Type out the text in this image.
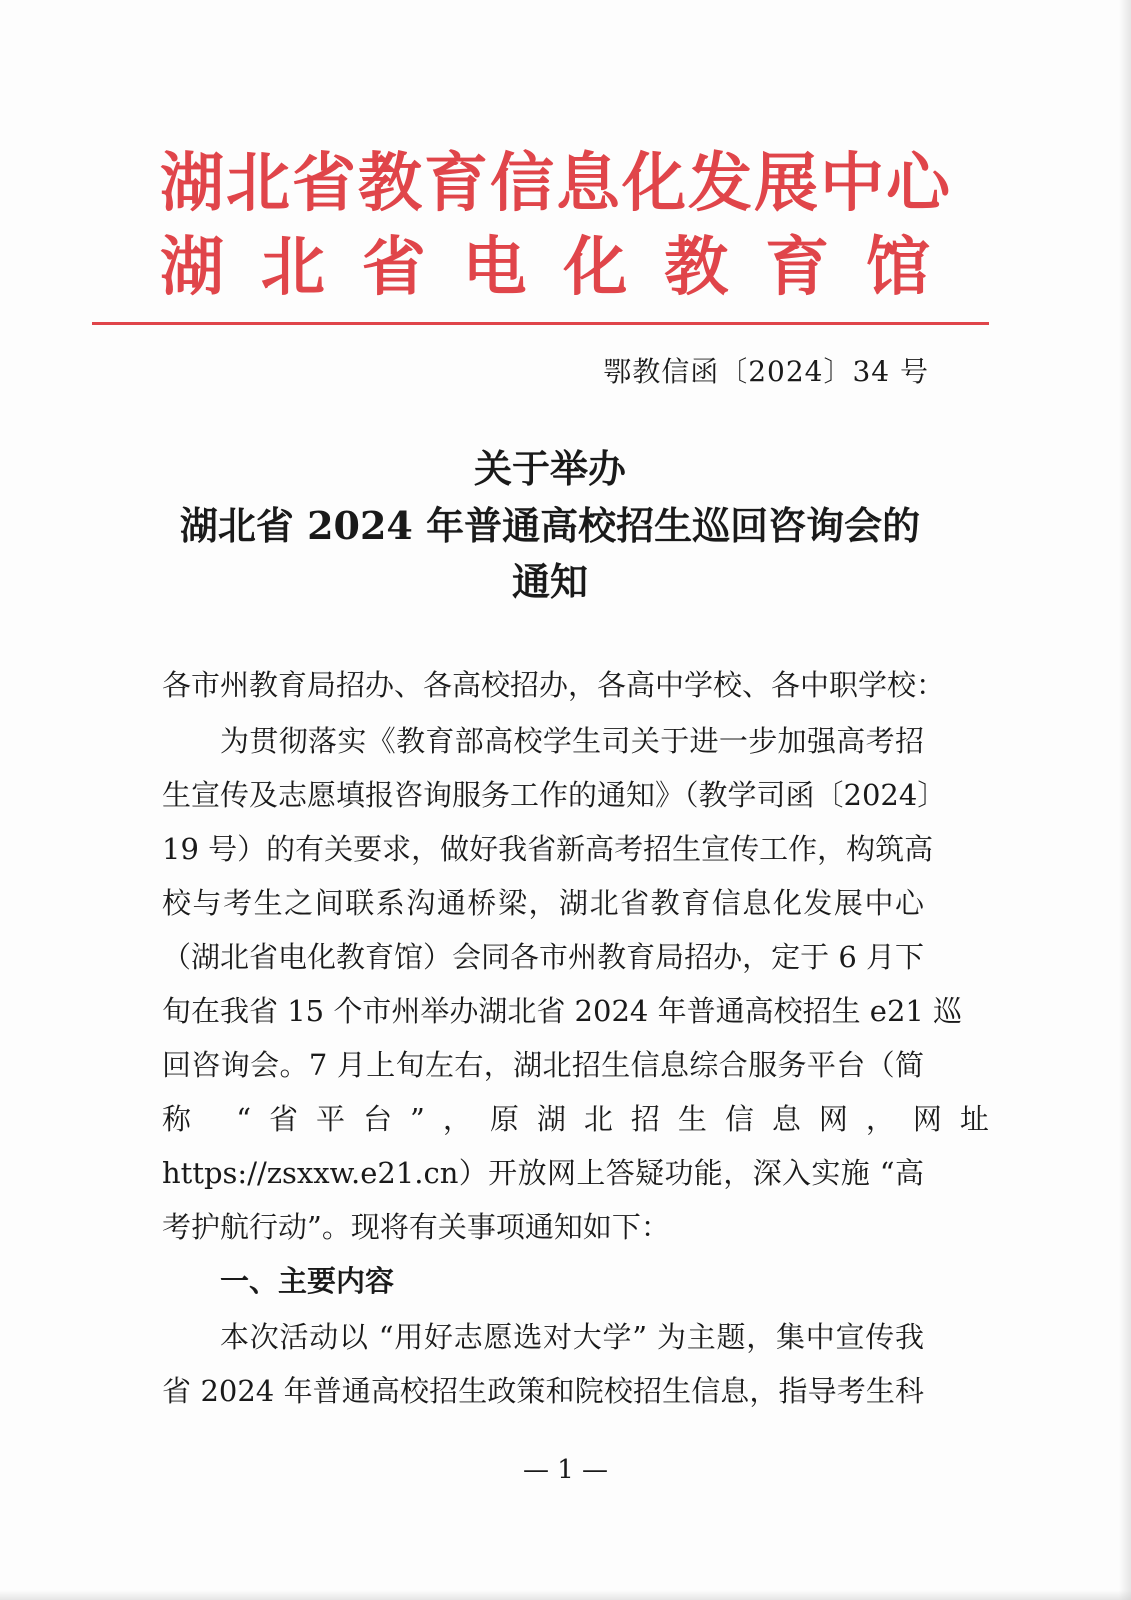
湖北省教育信息化发展中心
湖 北 省 电 化 教 育 馆
鄂教信函〔2024〕34 号
关于举办
湖北省 2024 年普通高校招生巡回咨询会的
通知
各市州教育局招办、各高校招办，各高中学校、各中职学校：
为贯彻落实《教育部高校学生司关于进一步加强高考招
生宣传及志愿填报咨询服务工作的通知》（教学司函〔2024〕
19 号）的有关要求，做好我省新高考招生宣传工作，构筑高
校与考生之间联系沟通桥梁，湖北省教育信息化发展中心
（湖北省电化教育馆）会同各市州教育局招办，定于 6 月下
旬在我省 15 个市州举办湖北省 2024 年普通高校招生 e21 巡
回咨询会。7 月上旬左右，湖北招生信息综合服务平台（简
称 “省平台”，原湖北招生信息网，网址
https://zsxxw.e21.cn）开放网上答疑功能，深入实施 “高
考护航行动”。现将有关事项通知如下：
一、主要内容
本次活动以 “用好志愿选对大学” 为主题，集中宣传我
省 2024 年普通高校招生政策和院校招生信息，指导考生科
— 1 —
